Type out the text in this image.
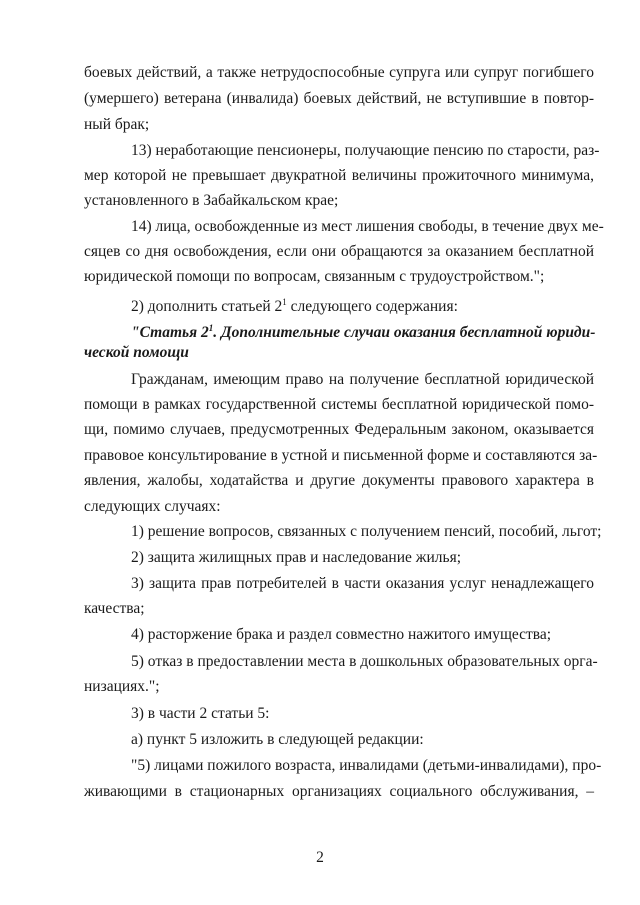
боевых действий, а также нетрудоспособные супруга или супруг погибшего
(умершего) ветерана (инвалида) боевых действий, не вступившие в повтор-
ный брак;
13) неработающие пенсионеры, получающие пенсию по старости, раз-
мер которой не превышает двукратной величины прожиточного минимума,
установленного в Забайкальском крае;
14) лица, освобожденные из мест лишения свободы, в течение двух ме-
сяцев со дня освобождения, если они обращаются за оказанием бесплатной
юридической помощи по вопросам, связанным с трудоустройством.";
2) дополнить статьей $2^1$ следующего содержания:
"Статья $2^1$. Дополнительные случаи оказания бесплатной юриди-
ческой помощи
Гражданам, имеющим право на получение бесплатной юридической
помощи в рамках государственной системы бесплатной юридической помо-
щи, помимо случаев, предусмотренных Федеральным законом, оказывается
правовое консультирование в устной и письменной форме и составляются за-
явления, жалобы, ходатайства и другие документы правового характера в
следующих случаях:
1) решение вопросов, связанных с получением пенсий, пособий, льгот;
2) защита жилищных прав и наследование жилья;
3) защита прав потребителей в части оказания услуг ненадлежащего
качества;
4) расторжение брака и раздел совместно нажитого имущества;
5) отказ в предоставлении места в дошкольных образовательных орга-
низациях.";
3) в части 2 статьи 5:
а) пункт 5 изложить в следующей редакции:
"5) лицами пожилого возраста, инвалидами (детьми-инвалидами), про-
живающими в стационарных организациях социального обслуживания, –
2
